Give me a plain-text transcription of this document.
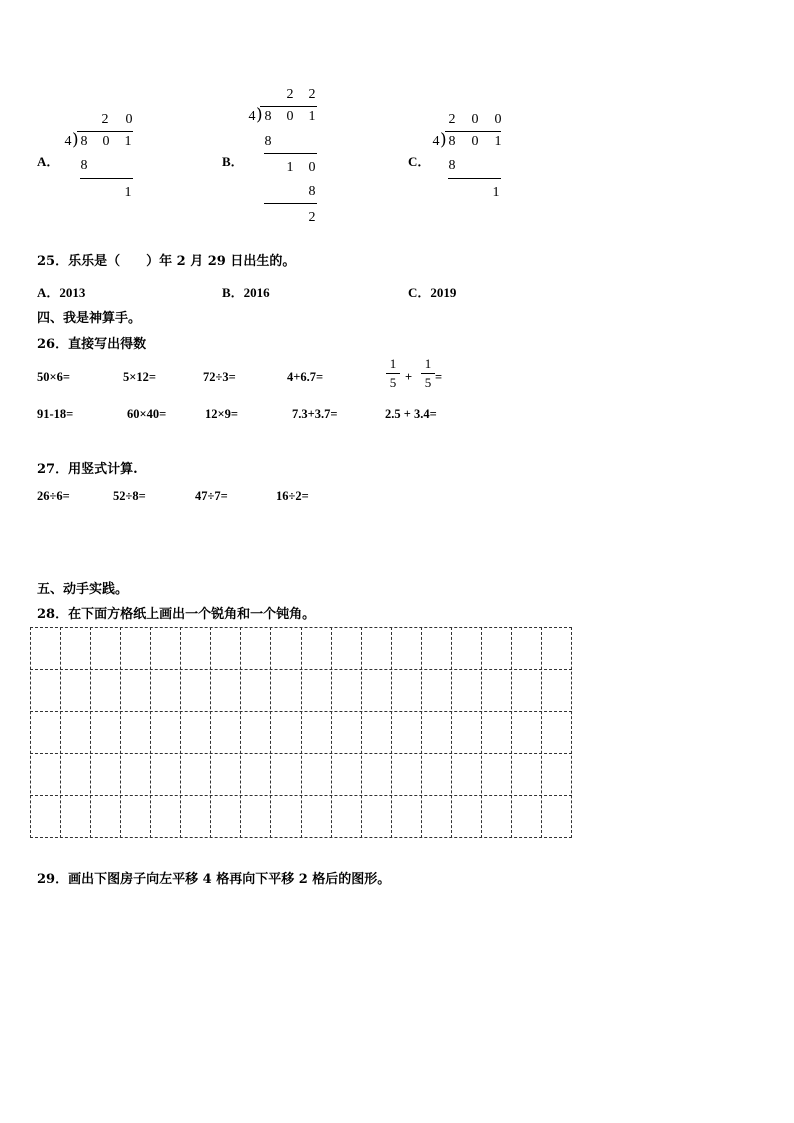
A．
2 0
4 ) 8 0 1
8
1
B．
2 2
4 ) 8 0 1
8
1 0
8
2
C．
2 0 0
4 ) 8 0 1
8
1
25．乐乐是（　　）年 2 月 29 日出生的。
A．2013	B．2016	C．2019
四、我是神算手。
26．直接写出得数
50×6=	5×12=	72÷3=	4+6.7=
1
5 +
1
5 =
91-18=	60×40=	12×9=	7.3+3.7=	2.5 + 3.4=
27．用竖式计算.
26÷6=	52÷8=	47÷7=	16÷2=
五、动手实践。
28．在下面方格纸上画出一个锐角和一个钝角。
29．画出下图房子向左平移 4 格再向下平移 2 格后的图形。
